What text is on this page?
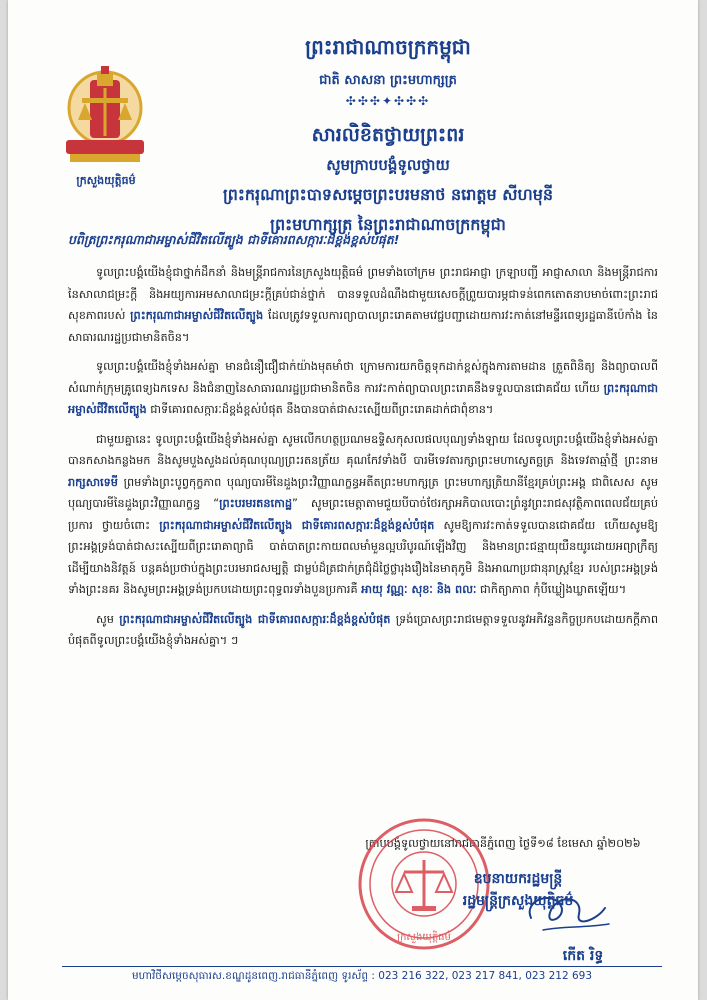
ក្រសួងយុត្តិធម៌
ព្រះរាជាណាចក្រកម្ពុជា
ជាតិ សាសនា ព្រះមហាក្សត្រ
✣✣✣✦✣✣✣

សារលិខិតថ្វាយព្រះពរ

សូមក្រាបបង្គំទូលថ្វាយ

ព្រះករុណាព្រះបាទសម្តេចព្រះបរមនាថ នរោត្តម សីហមុនី

ព្រះមហាក្សត្រ នៃព្រះរាជាណាចក្រកម្ពុជា

បពិត្រព្រះករុណាជាអម្ចាស់ជីវិតលើត្បូង ជាទីគោរពសក្ការៈដ៏ខ្ពង់ខ្ពស់បំផុត!

ទូលព្រះបង្គំយើងខ្ញុំជាថ្នាក់ដឹកនាំ និងមន្ត្រីរាជការនៃក្រសួងយុត្តិធម៌ ព្រមទាំងចៅក្រម ព្រះរាជអាជ្ញា ក្រឡាបញ្ជី អាជ្ញាសាលា និងមន្ត្រីរាជការនៃសាលាជម្រះក្តី និងអយ្យការអមសាលាជម្រះក្តីគ្រប់ជាន់ថ្នាក់ បានទទួលដំណឹងជាមួយសេចក្តីព្រួយបារម្ភជាទន់ពេកតោតនាបមាច់ពោះព្រះរាជសុខភាពរបស់ ព្រះករុណាជាអម្ចាស់ជីវិតលើត្បូង ដែលត្រូវទទួលការព្យាបាលព្រះរោគតាមវេជ្ជបញ្ជាដោយការវះកាត់នៅមន្ទីរពេទ្យរដ្ឋធានីប៉េកាំង នៃសាធារណរដ្ឋប្រជាមានិតចិន។

ទូលព្រះបង្គំយើងខ្ញុំទាំងអស់គ្នា មានជំនឿជឿជាក់យ៉ាងមុតមាំថា ក្រោមការយកចិត្តទុកដាក់ខ្ពស់ក្នុងការតាមដាន ត្រួតពិនិត្យ និងព្យាបាលពីសំណាក់ក្រុមគ្រូពេទ្យឯកទេស និងជំនាញនៃសាធារណរដ្ឋប្រជាមានិតចិន ការវះកាត់ព្យាបាលព្រះរោគនឹងទទួលបានជោគជ័យ ហើយ ព្រះករុណាជាអម្ចាស់ជីវិតលើត្បូង ជាទីគោរពសក្ការៈដ៏ខ្ពង់ខ្ពស់បំផុត នឹងបានបាត់ជាសះស្បើយពីព្រះរោគដាក់ជាពុំខាន។

ជាមួយគ្នានេះ ទូលព្រះបង្គំយើងខ្ញុំទាំងអស់គ្នា សូមលើកហត្ថប្រណមឧទ្ទិសកុសលផលបុណ្យទាំងឡាយ ដែលទូលព្រះបង្គំយើងខ្ញុំទាំងអស់គ្នាបានកសាងកន្លងមក និងសូមបួងសួងដល់គុណបុណ្យព្រះរតនត្រ័យ គុណកែវទាំងបី បារមីទេវតារក្សាព្រះមហាស្វេតច្ឆត្រ និងទេវតាឆ្មាំថ្មី ព្រះនាម រាក្សសាទេមី ព្រមទាំងព្រះបូព្វកុក្ខភាព បុណ្យបារមីនៃដួងព្រះវិញ្ញាណក្ខន្ធអតីតព្រះមហាក្សត្រ ព្រះមហាក្សត្រិយានីខ្មែរគ្រប់ព្រះអង្គ ជាពិសេស សូមបុណ្យបារមីនៃដួងព្រះវិញ្ញាណក្ខន្ធ “ព្រះបរមរតនកោដ្ឋ” សូមព្រះមេត្តាតាមជួយបីបាច់ថែរក្សាអភិបាលបោះព្រំនូវព្រះរាជសុវត្ថិភាពពេលជ័យគ្រប់ប្រការ ថ្វាយចំពោះ ព្រះករុណាជាអម្ចាស់ជីវិតលើត្បូង ជាទីគោរពសក្ការៈដ៏ខ្ពង់ខ្ពស់បំផុត សូមឱ្យការវះកាត់ទទួលបានជោគជ័យ ហើយសូមឱ្យព្រះអង្គទ្រង់បាត់ជាសះស្បើយពីព្រះរោគាព្យាធិ បាត់បាតព្រះកាយពលមាំមួនល្អបរិបូរណ៍ឡើងវិញ និងមានព្រះជន្មាយុយឺនយូរដោយអព្យាក្រឹត្យ ដើម្បីយាងនិវត្តន៍ បន្តគង់ប្រថាប់ក្នុងព្រះបរមរាជសម្បត្តិ ជាម្លប់ដ៏ត្រជាក់ត្រជុំដ៏ថ្លៃថ្លារុងរឿងនៃមាតុភូមិ និងអាណាប្រជានុរាស្រ្តខ្មែរ របស់ព្រះអង្គទ្រង់ទាំងព្រះនគរ និងសូមព្រះអង្គទ្រង់ប្រកបដោយព្រះពុទ្ធពរទាំងបួនប្រការគឺ អាយុ វណ្ណៈ សុខៈ និង ពលៈ ជាកិត្យាភាព កុំបីឃ្លៀងឃ្លាតឡើយ។

សូម ព្រះករុណាជាអម្ចាស់ជីវិតលើត្បូង ជាទីគោរពសក្ការៈដ៏ខ្ពង់ខ្ពស់បំផុត ទ្រង់ប្រោសព្រះរាជមេត្តាទទួលនូវអភិវន្ទនកិច្ចប្រកបដោយកក្តីភាពបំផុតពីទូលព្រះបង្គំយើងខ្ញុំទាំងអស់គ្នា។ ៗ

ក្រាបបង្គំទូលថ្វាយនៅរាជធានីភ្នំពេញ ថ្ងៃទី១៨ ខែមេសា ឆ្នាំ២០២៦
ក្រសួងយុត្តិធម៌
ឧបនាយករដ្ឋមន្ត្រី
រដ្ឋមន្ត្រីក្រសួងយុត្តិធម៌
កើត រិទ្ធ
មហាវិថីសម្តេចសុធារស.ខណ្ឌដូនពេញ.រាជធានីភ្នំពេញ ទូរស័ព្ទ : 023 216 322, 023 217 841, 023 212 693
